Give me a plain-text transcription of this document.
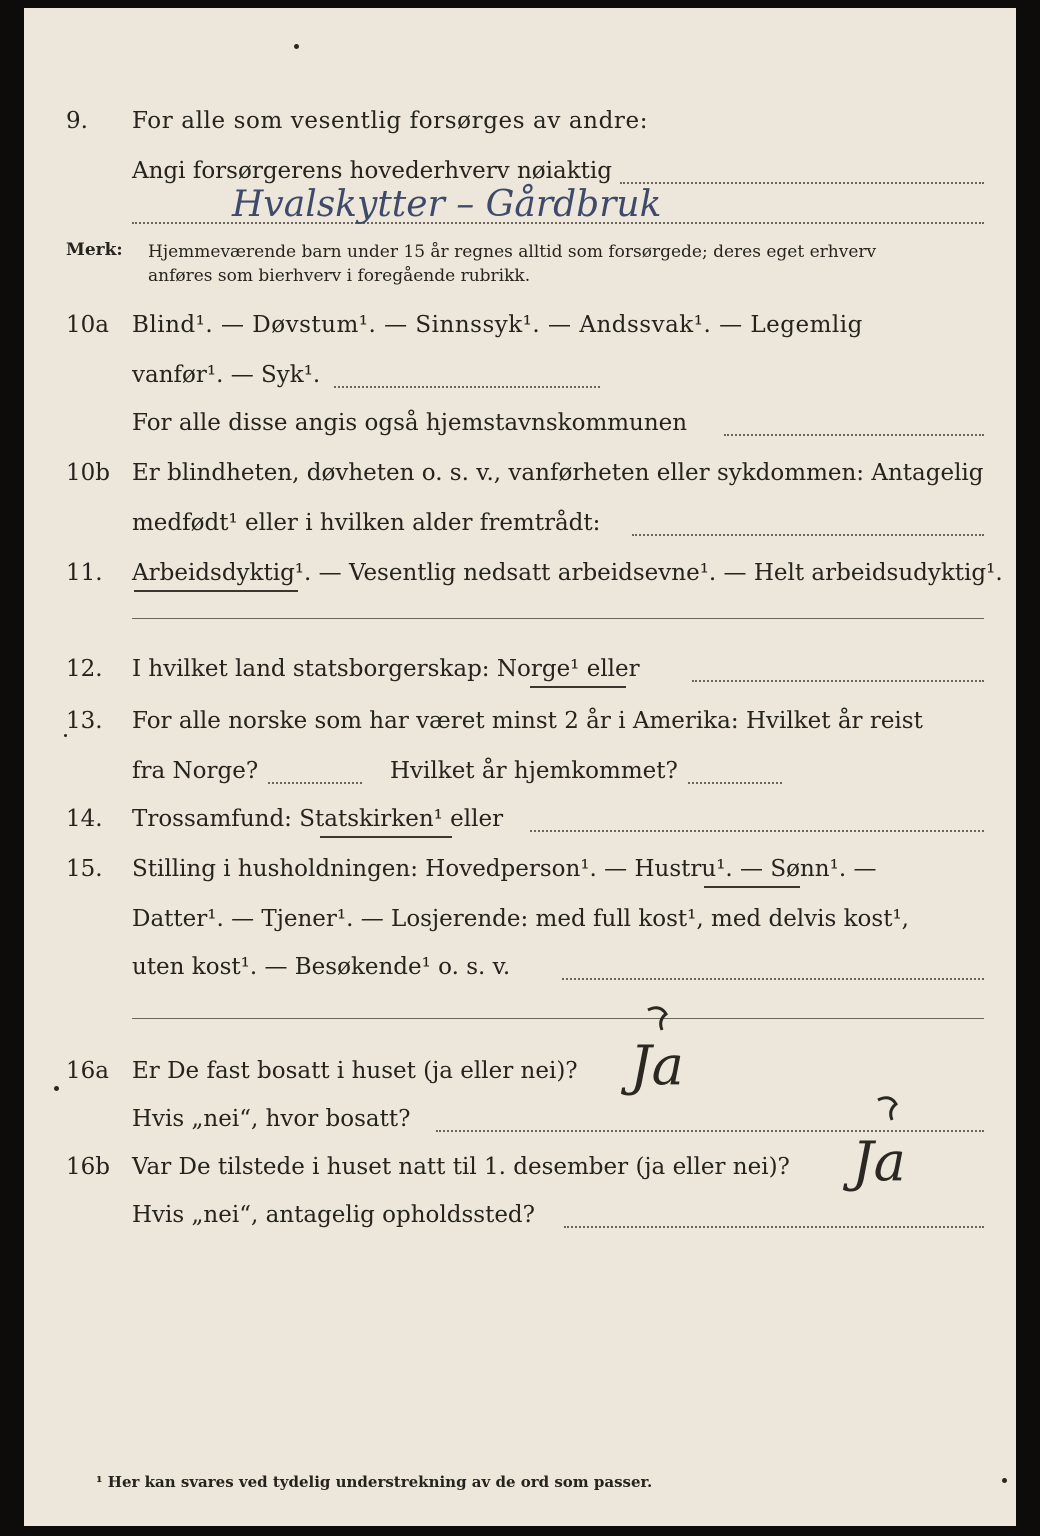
9. For alle som vesentlig forsørges av andre:
Angi forsørgerens hovederhverv nøiaktig
Hvalskytter – Gårdbruk
Merk: Hjemmeværende barn under 15 år regnes alltid som forsørgede; deres eget erhverv
anføres som bierhverv i foregående rubrikk.
10a Blind¹. — Døvstum¹. — Sinnssyk¹. — Andssvak¹. — Legemlig
vanfør¹. — Syk¹.
For alle disse angis også hjemstavnskommunen
10b Er blindheten, døvheten o. s. v., vanførheten eller sykdommen: Antagelig
medfødt¹ eller i hvilken alder fremtrådt:
11. Arbeidsdyktig¹. — Vesentlig nedsatt arbeidsevne¹. — Helt arbeidsudyktig¹.
12. I hvilket land statsborgerskap: Norge¹ eller
13. For alle norske som har været minst 2 år i Amerika: Hvilket år reist
fra Norge?	Hvilket år hjemkommet?
14. Trossamfund: Statskirken¹ eller
15. Stilling i husholdningen: Hovedperson¹. — Hustru¹. — Sønn¹. —
Datter¹. — Tjener¹. — Losjerende: med full kost¹, med delvis kost¹,
uten kost¹. — Besøkende¹ o. s. v.
16a Er De fast bosatt i huset (ja eller nei)? Ja
Hvis „nei“, hvor bosatt?
16b Var De tilstede i huset natt til 1. desember (ja eller nei)? Ja
Hvis „nei“, antagelig opholdssted?
¹ Her kan svares ved tydelig understrekning av de ord som passer.
